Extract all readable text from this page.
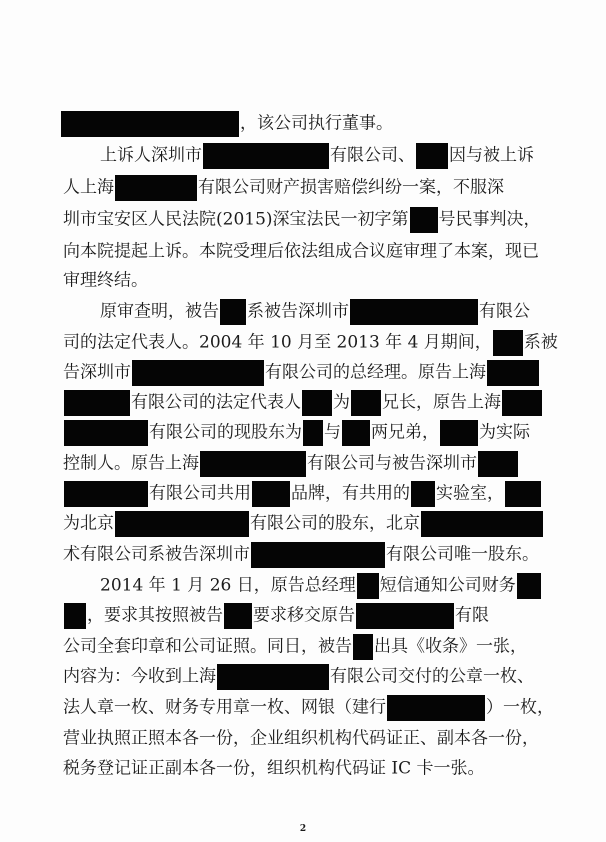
，该公司执行董事。
上诉人深圳市	有限公司、 因与被上诉
人上海	有限公司财产损害赔偿纠纷一案，不服深
圳市宝安区人民法院(2015)深宝法民一初字第 号民事判决，
向本院提起上诉。本院受理后依法组成合议庭审理了本案，现已
审理终结。
原审查明，被告 系被告深圳市	有限公
司的法定代表人。2004 年 10 月至 2013 年 4 月期间， 系被
告深圳市	有限公司的总经理。原告上海
有限公司的法定代表人 为 兄长，原告上海
有限公司的现股东为 与 两兄弟， 为实际
控制人。原告上海	有限公司与被告深圳市
有限公司共用 品牌，有共用的 实验室，
为北京	有限公司的股东，北京
术有限公司系被告深圳市	有限公司唯一股东。
2014 年 1 月 26 日，原告总经理 短信通知公司财务
，要求其按照被告 要求移交原告	有限
公司全套印章和公司证照。同日，被告 出具《收条》一张，
内容为：今收到上海	有限公司交付的公章一枚、
法人章一枚、财务专用章一枚、网银（建行	）一枚，
营业执照正照本各一份，企业组织机构代码证正、副本各一份，
税务登记证正副本各一份，组织机构代码证 IC 卡一张。
2
